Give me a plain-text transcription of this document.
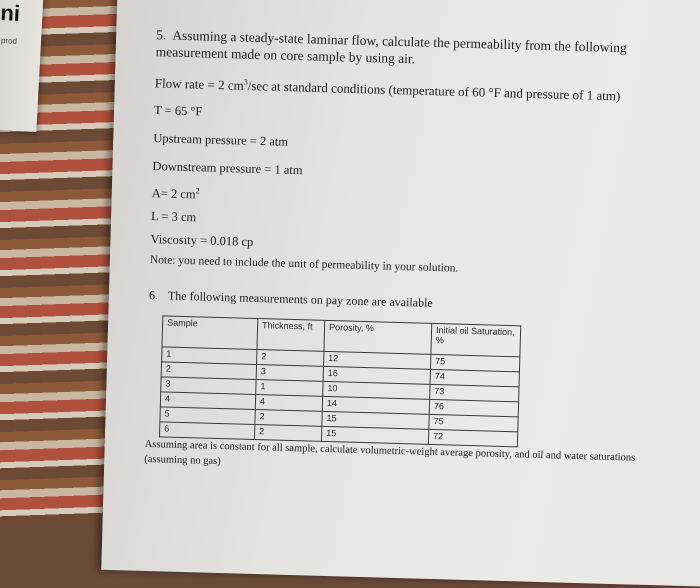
ni
prod	5. Assuming a steady-state laminar flow, calculate the permeability from the following measurement made on core sample by using air.

Flow rate = 2 $cm^3/\sec$ at standard conditions (temperature of 60 °F and pressure of 1 atm)

T = 65 °F

Upstream pressure = 2 atm

Downstream pressure = 1 atm

A= 2 $cm^2$

L = 3 cm

Viscosity = 0.018 cp

Note: you need to include the unit of permeability in your solution.

6. The following measurements on pay zone are available

Sample	Thickness, ft	Porosity, %	Initial oil Saturation, %
1	2	12	75
2	3	16	74
3	1	10	73
4	4	14	76
5	2	15	75
6	2	15	72

Assuming area is constant for all sample, calculate volumetric-weight average porosity, and oil and water saturations (assuming no gas)
